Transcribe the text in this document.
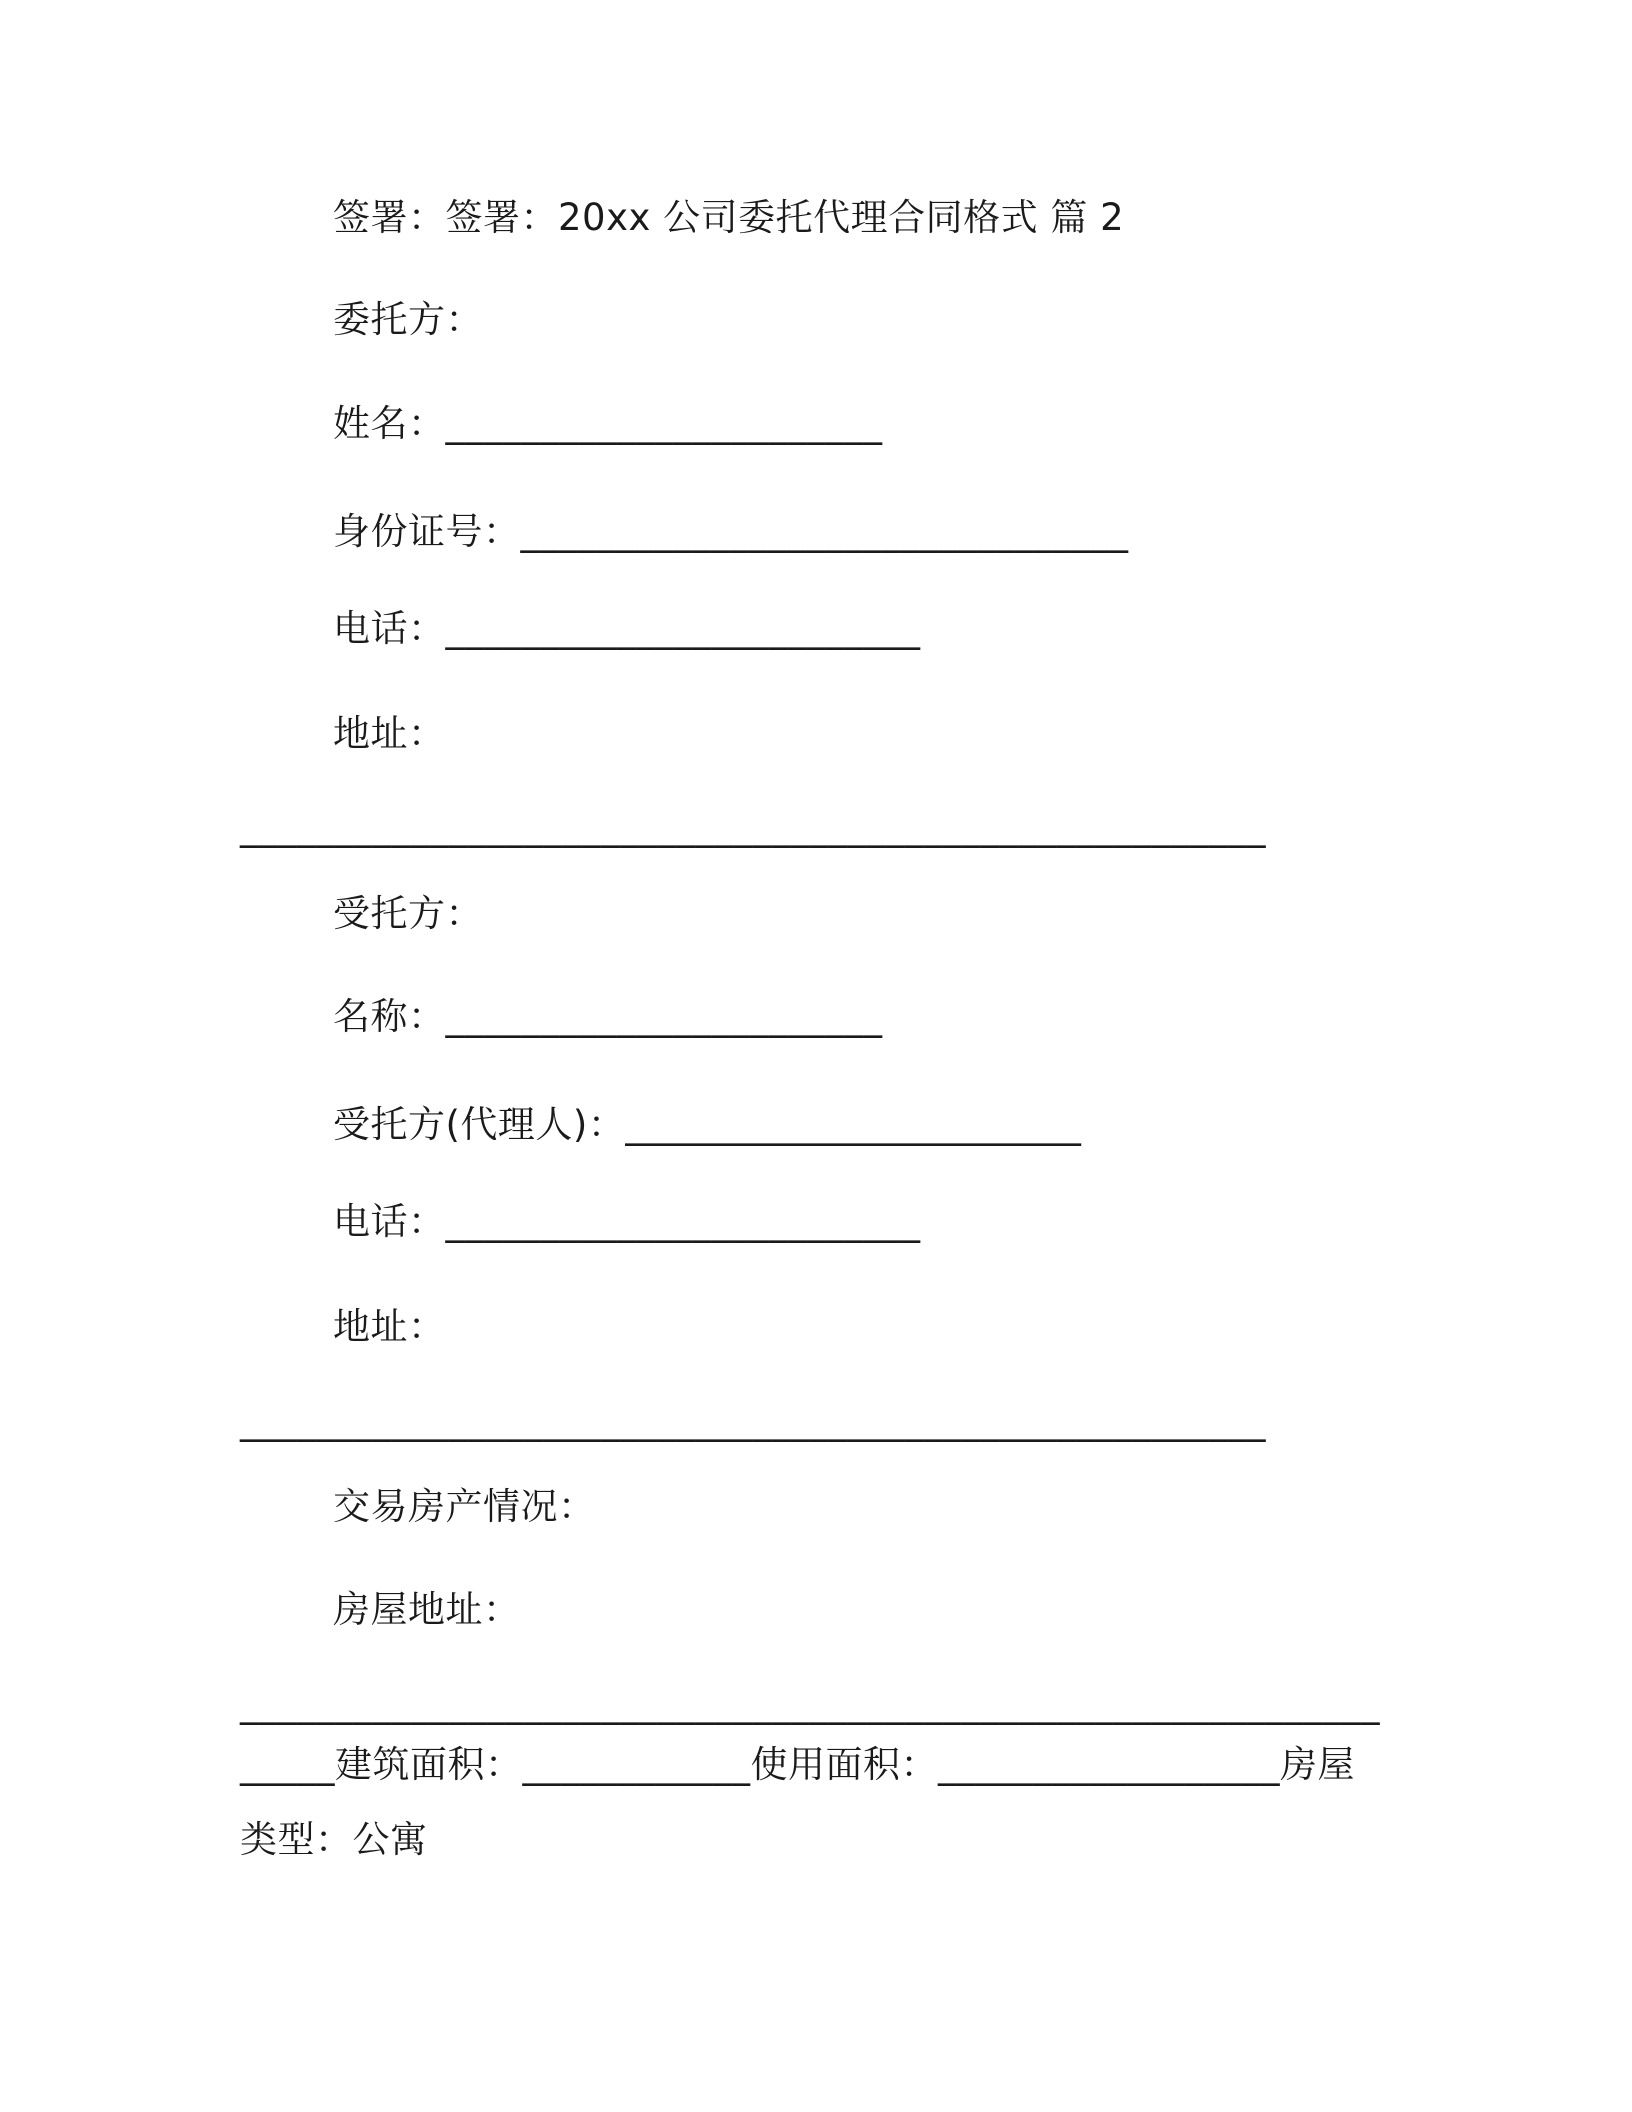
签署：签署：20xx 公司委托代理合同格式 篇 2
委托方：
姓名：_______________________
身份证号：________________________________
电话：_________________________
地址：
______________________________________________________
受托方：
名称：_______________________
受托方(代理人)：________________________
电话：_________________________
地址：
______________________________________________________
交易房产情况：
房屋地址：
____________________________________________________________
_____建筑面积：____________使用面积：__________________房屋
类型：公寓
